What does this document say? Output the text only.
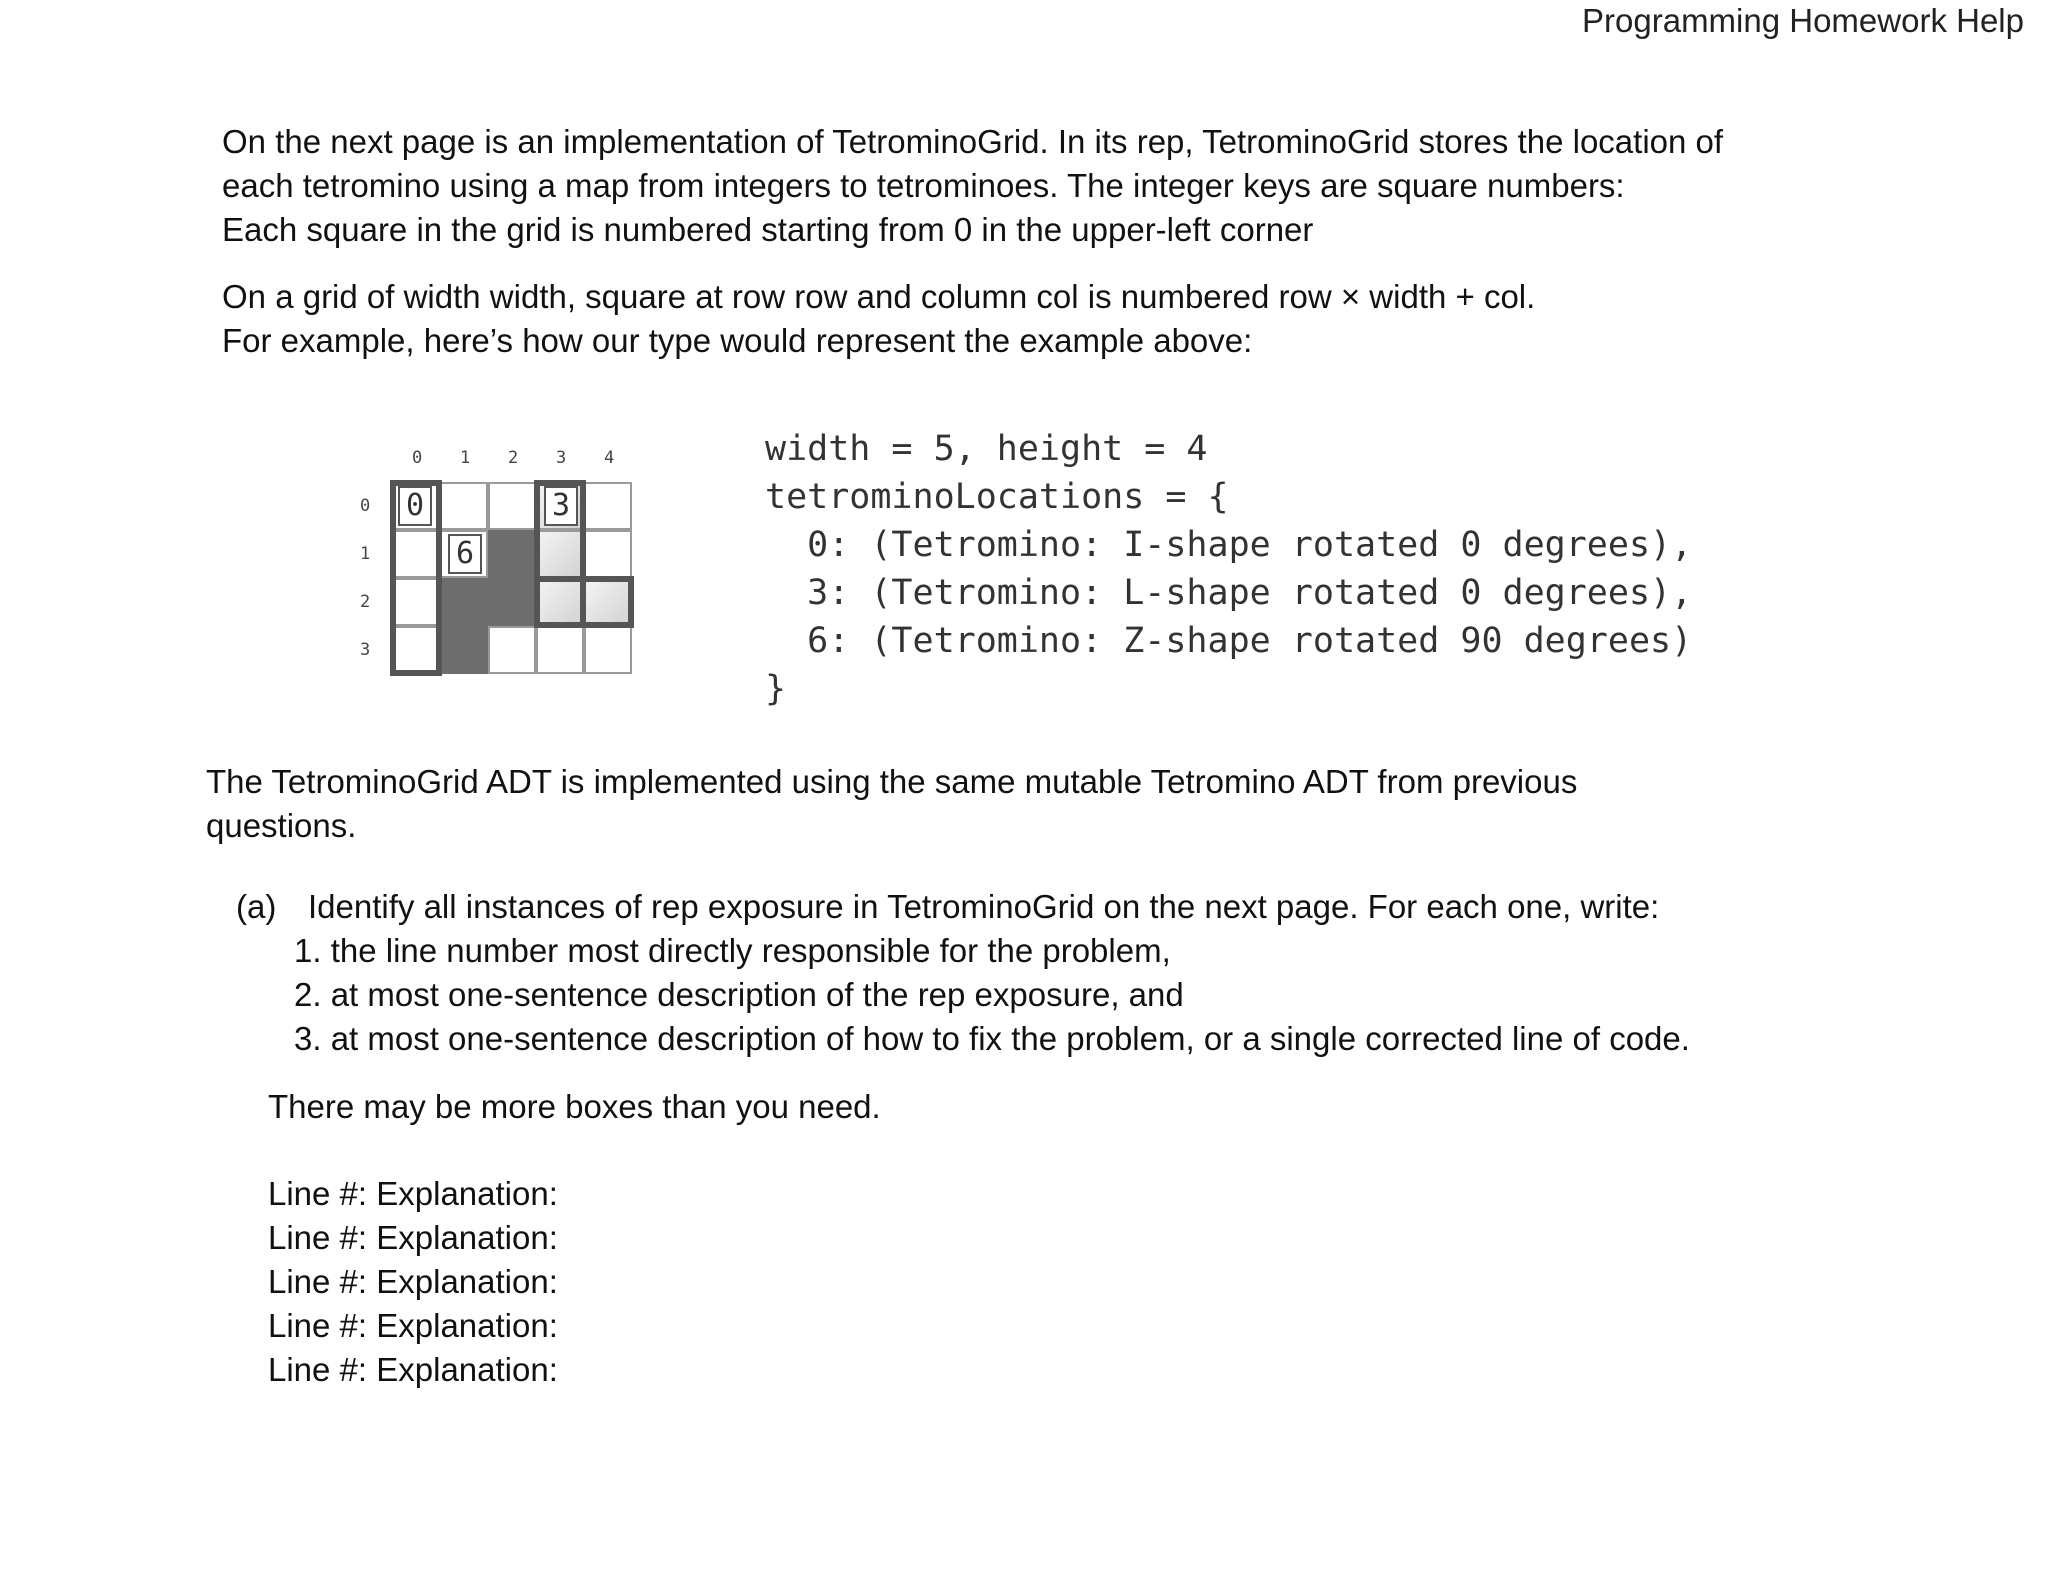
Programming Homework Help

On the next page is an implementation of TetrominoGrid. In its rep, TetrominoGrid stores the location of
each tetromino using a map from integers to tetrominoes. The integer keys are square numbers:
Each square in the grid is numbered starting from 0 in the upper-left corner

On a grid of width width, square at row row and column col is numbered row × width + col.
For example, here’s how our type would represent the example above:

0 1 2 3 4
0
1
2
3
0	3
6
width = 5, height = 4
tetrominoLocations = {
0: (Tetromino: I-shape rotated 0 degrees),
3: (Tetromino: L-shape rotated 0 degrees),
6: (Tetromino: Z-shape rotated 90 degrees)
}

The TetrominoGrid ADT is implemented using the same mutable Tetromino ADT from previous
questions.

(a) Identify all instances of rep exposure in TetrominoGrid on the next page. For each one, write:
1. the line number most directly responsible for the problem,
2. at most one-sentence description of the rep exposure, and
3. at most one-sentence description of how to fix the problem, or a single corrected line of code.
There may be more boxes than you need.
Line #: Explanation:
Line #: Explanation:
Line #: Explanation:
Line #: Explanation:
Line #: Explanation:
